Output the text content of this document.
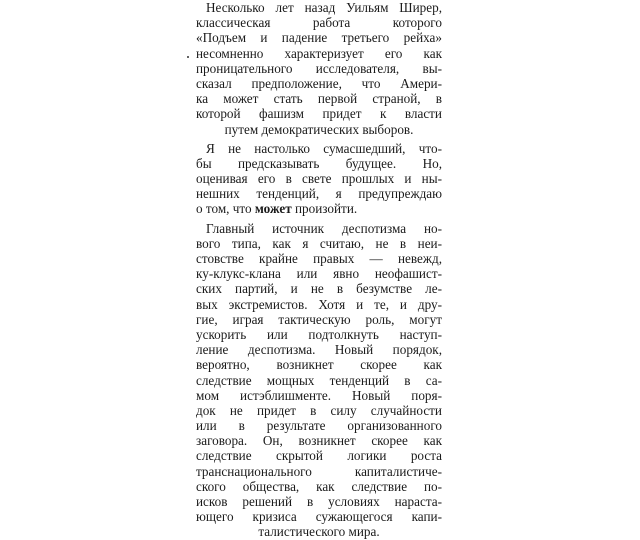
Несколько лет назад Уильям Ширер,
классическая работа которого
«Подъем и падение третьего рейха»
несомненно характеризует его как
проницательного исследователя, вы-
сказал предположение, что Амери-
ка может стать первой страной, в
которой фашизм придет к власти
путем демократических выборов.
Я не настолько сумасшедший, что-
бы предсказывать будущее. Но,
оценивая его в свете прошлых и ны-
нешних тенденций, я предупреждаю
о том, что может произойти.
Главный источник деспотизма но-
вого типа, как я считаю, не в неи-
стовстве крайне правых — невежд,
ку-клукс-клана или явно неофашист-
ских партий, и не в безумстве ле-
вых экстремистов. Хотя и те, и дру-
гие, играя тактическую роль, могут
ускорить или подтолкнуть наступ-
ление деспотизма. Новый порядок,
вероятно, возникнет скорее как
следствие мощных тенденций в са-
мом истэблишменте. Новый поря-
док не придет в силу случайности
или в результате организованного
заговора. Он, возникнет скорее как
следствие скрытой логики роста
транснационального капиталистиче-
ского общества, как следствие по-
исков решений в условиях нараста-
ющего кризиса сужающегося капи-
талистического мира.
